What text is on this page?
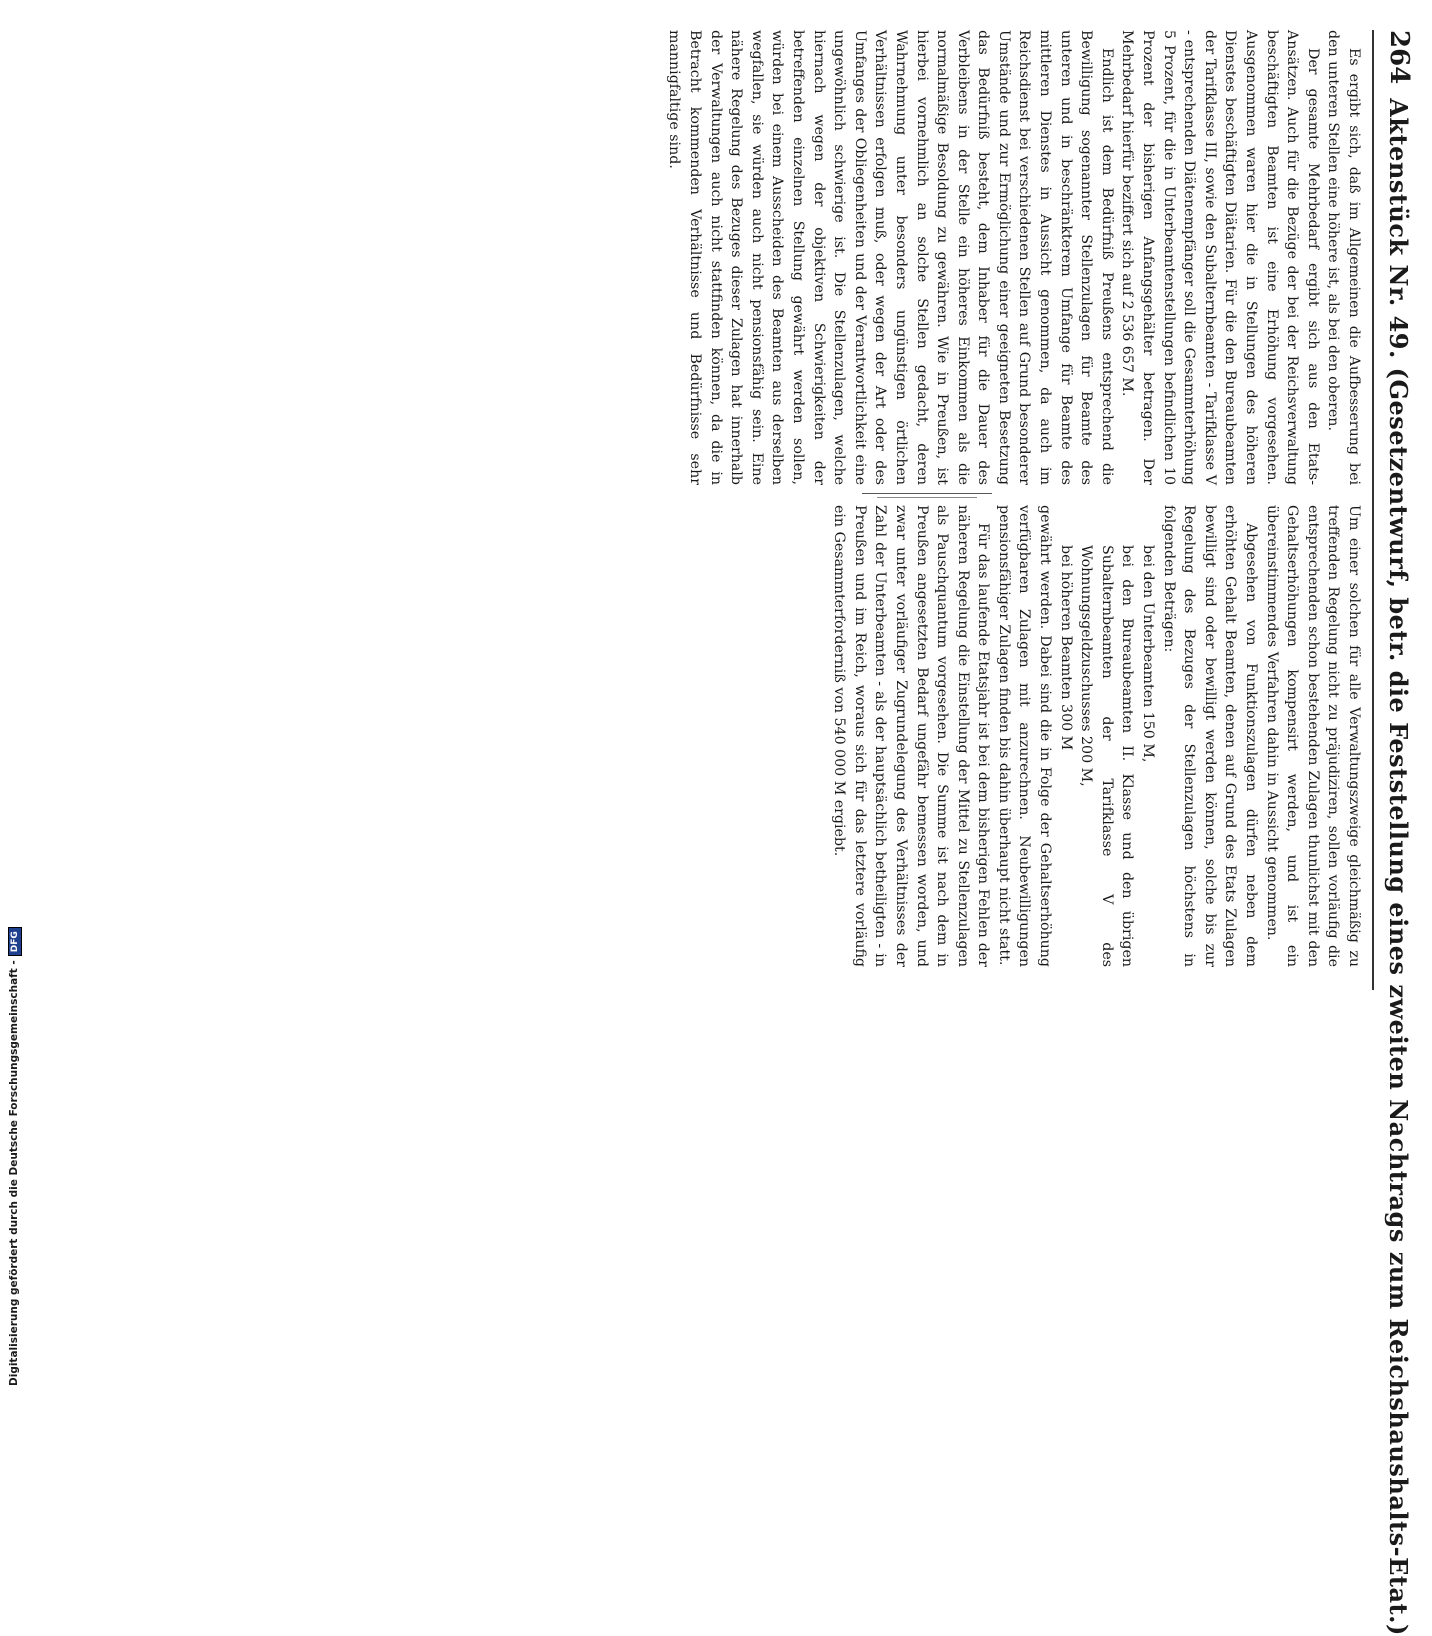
264
Aktenstück Nr. 49. (Gesetzentwurf, betr. die Feststellung eines zweiten Nachtrags zum Reichshaushalts-Etat.)

Es ergibt sich, daß im Allgemeinen die Aufbesserung bei den unteren Stellen eine höhere ist, als bei den oberen.

Der gesamte Mehrbedarf ergibt sich aus den Etats-Ansätzen. Auch für die Bezüge der bei der Reichsverwaltung beschäftigten Beamten ist eine Erhöhung vorgesehen. Ausgenommen waren hier die in Stellungen des höheren Dienstes beschäftigten Diätarien. Für die den Bureaubeamten der Tarifklasse III, sowie den Subalternbeamten - Tarifklasse V - entsprechenden Diätenempfänger soll die Gesammterhöhung 5 Prozent, für die in Unterbeamtenstellungen befindlichen 10 Prozent der bisherigen Anfangsgehälter betragen. Der Mehrbedarf hierfür beziffert sich auf 2 536 657 M.

Endlich ist dem Bedürfniß Preußens entsprechend die Bewilligung sogenannter Stellenzulagen für Beamte des unteren und in beschränkterem Umfange für Beamte des mittleren Dienstes in Aussicht genommen, da auch im Reichsdienst bei verschiedenen Stellen auf Grund besonderer Umstände und zur Ermöglichung einer geeigneten Besetzung das Bedürfniß besteht, dem Inhaber für die Dauer des Verbleibens in der Stelle ein höheres Einkommen als die normalmäßige Besoldung zu gewähren. Wie in Preußen, ist hierbei vornehmlich an solche Stellen gedacht, deren Wahrnehmung unter besonders ungünstigen örtlichen Verhältnissen erfolgen muß, oder wegen der Art oder des Umfanges der Obliegenheiten und der Verantwortlichkeit eine ungewöhnlich schwierige ist. Die Stellenzulagen, welche hiernach wegen der objektiven Schwierigkeiten der betreffenden einzelnen Stellung gewährt werden sollen, würden bei einem Ausscheiden des Beamten aus derselben wegfallen, sie würden auch nicht pensionsfähig sein. Eine nähere Regelung des Bezuges dieser Zulagen hat innerhalb der Verwaltungen auch nicht stattfinden können, da die in Betracht kommenden Verhältnisse und Bedürfnisse sehr mannigfaltige sind.

Um einer solchen für alle Verwaltungszweige gleichmäßig zu treffenden Regelung nicht zu präjudiziren, sollen vorläufig die entsprechenden schon bestehenden Zulagen thunlichst mit den Gehaltserhöhungen kompensirt werden, und ist ein übereinstimmendes Verfahren dahin in Aussicht genommen.

Abgesehen von Funktionszulagen dürfen neben dem erhöhten Gehalt Beamten, denen auf Grund des Etats Zulagen bewilligt sind oder bewilligt werden können, solche bis zur Regelung des Bezuges der Stellenzulagen höchstens in folgenden Beträgen:

bei den Unterbeamten 150 M,

bei den Bureaubeamten II. Klasse und den übrigen Subalternbeamten der Tarifklasse V des Wohnungsgeldzuschusses 200 M,

bei höheren Beamten 300 M

gewährt werden. Dabei sind die in Folge der Gehaltserhöhung verfügbaren Zulagen mit anzurechnen. Neubewilligungen pensionsfähiger Zulagen finden bis dahin überhaupt nicht statt.

Für das laufende Etatsjahr ist bei dem bisherigen Fehlen der näheren Regelung die Einstellung der Mittel zu Stellenzulagen als Pauschquantum vorgesehen. Die Summe ist nach dem in Preußen angesetzten Bedarf ungefähr bemessen worden, und zwar unter vorläufiger Zugrundelegung des Verhältnisses der Zahl der Unterbeamten - als der hauptsächlich betheiligten - in Preußen und im Reich, woraus sich für das letztere vorläufig ein Gesammterforderniß von 540 000 M ergiebt.

Digitalisierung gefördert durch die Deutsche Forschungsgemeinschaft -DFG
